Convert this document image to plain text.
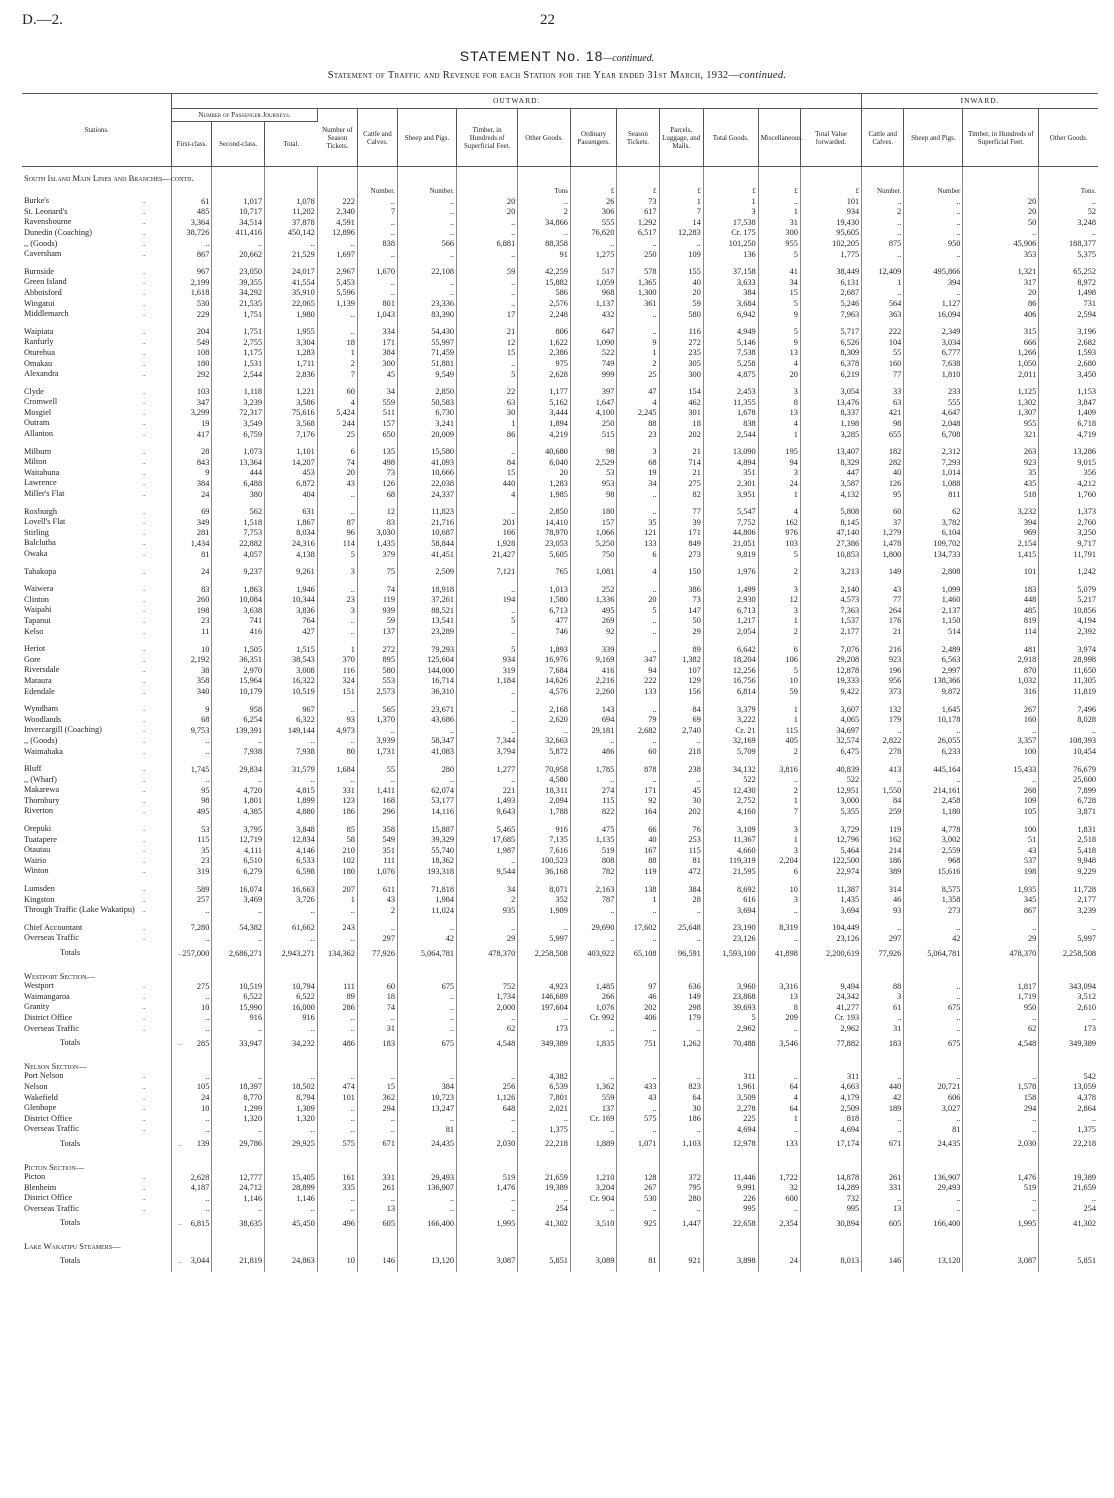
D.—2.	22
STATEMENT No. 18—continued.
Statement of Traffic and Revenue for each Station for the Year ended 31st March, 1932—continued.
Stations.	OUTWARD.														INWARD.			
	Number of Passenger Journeys.			Number of Season Tickets.	Cattle and Calves.	Sheep and Pigs.	Timber, in Hundreds of Superficial Feet.	Other Goods.	Ordinary Passengers.	Season Tickets.	Parcels, Luggage, and Mails.	Total Goods.	Miscellaneous.	Total Value forwarded.	Cattle and Calves.	Sheep and Pigs.	Timber, in Hundreds of Superficial Feet.	Other Goods.
	First-class.	Second-class.	Total.															
South Island Main Lines and Branches—contd.																		
					Number.	Number.		Tons	£	£	£	£	£	£	Number.	Number		Tons.
Burke's ..	61	1,017	1,078	222	..	..	20	..	26	73	1	1	..	101	..	..	20	..
St. Leonard's ..	485	10,717	11,202	2,340	7	..	20	2	306	617	7	3	1	934	2	..	20	52
Ravensbourne ..	3,364	34,514	37,878	4,591	..	..	..	34,866	555	1,292	14	17,538	31	19,430	..	..	50	3,248
Dunedin (Coaching) ..	38,726	411,416	450,142	12,896	..	..	..	..	76,620	6,517	12,283	Cr. 175	300	95,605	..	..	..	..
,, (Goods) ..	..	..	..	..	838	566	6,881	88,358	..	..	..	101,250	955	102,205	875	950	45,906	188,377
Caversham ..	867	20,662	21,529	1,697	..	..	..	91	1,275	250	109	136	5	1,775	..	..	353	5,375

Burnside ..	967	23,050	24,017	2,967	1,670	22,108	59	42,259	517	578	155	37,158	41	38,449	12,409	495,866	1,321	65,252
Green Island ..	2,199	39,355	41,554	5,453	..	..	..	15,882	1,059	1,365	40	3,633	34	6,131	1	394	317	8,972
Abbotsford ..	1,618	34,292	35,910	5,596	..	..	..	586	968	1,300	20	384	15	2,687	..	..	20	1,498
Wingatui ..	530	21,535	22,065	1,139	801	23,336	..	2,576	1,137	361	59	3,684	5	5,246	564	1,127	86	731
Middlemarch ..	229	1,751	1,980	..	1,043	83,390	17	2,248	432	..	580	6,942	9	7,963	363	16,094	406	2,594

Waipiata ..	204	1,751	1,955	..	334	54,430	21	806	647	..	116	4,949	5	5,717	222	2,349	315	3,196
Ranfurly ..	549	2,755	3,304	18	171	55,997	12	1,622	1,090	9	272	5,146	9	6,526	104	3,034	666	2,682
Oturehua ..	108	1,175	1,283	1	384	71,459	15	2,386	522	1	235	7,538	13	8,309	55	6,777	1,266	1,593
Omakau ..	180	1,531	1,711	2	300	51,881	..	975	749	2	305	5,258	4	6,378	160	7,638	1,050	2,680
Alexandra ..	292	2,544	2,836	7	45	9,549	5	2,628	999	25	300	4,875	20	6,219	77	1,810	2,011	3,450

Clyde ..	103	1,118	1,221	60	34	2,850	22	1,177	397	47	154	2,453	3	3,054	33	233	1,125	1,153
Cromwell ..	347	3,239	3,586	4	559	50,583	63	5,162	1,647	4	462	11,355	8	13,476	63	555	1,302	3,847
Mosgiel ..	3,299	72,317	75,616	5,424	511	6,730	30	3,444	4,100	2,245	301	1,678	13	8,337	421	4,647	1,307	1,409
Outram ..	19	3,549	3,568	244	157	3,241	1	1,894	250	88	18	838	4	1,198	98	2,048	955	6,718
Allanton ..	417	6,759	7,176	25	650	20,009	86	4,219	515	23	202	2,544	1	3,285	655	6,708	321	4,719

Milburn ..	28	1,073	1,101	6	135	15,580	..	40,680	98	3	21	13,090	195	13,407	182	2,312	263	13,286
Milton ..	843	13,364	14,207	74	498	41,093	84	6,040	2,529	68	714	4,894	94	8,329	282	7,293	923	9,015
Waitahuna ..	9	444	453	20	73	10,666	15	20	53	19	21	351	3	447	40	1,014	35	356
Lawrence ..	384	6,488	6,872	43	126	22,038	440	1,283	953	34	275	2,301	24	3,587	126	1,088	435	4,212
Miller's Flat ..	24	380	404	..	68	24,337	4	1,985	98	..	82	3,951	1	4,132	95	811	518	1,760

Roxburgh ..	69	562	631	..	12	11,823	..	2,850	180	..	77	5,547	4	5,808	60	62	3,232	1,373
Lovell's Flat ..	349	1,518	1,867	87	83	21,716	201	14,410	157	35	39	7,752	162	8,145	37	3,782	394	2,760
Stirling ..	281	7,753	8,034	96	3,030	10,687	166	78,970	1,066	121	171	44,806	976	47,140	1,279	6,104	969	3,250
Balclutha ..	1,434	22,882	24,316	114	1,435	58,844	1,928	23,053	5,250	133	849	21,051	103	27,386	1,478	109,702	2,154	9,717
Owaka ..	81	4,057	4,138	5	379	41,451	21,427	5,605	750	6	273	9,819	5	10,853	1,800	134,733	1,415	11,791

Tahakopa ..	24	9,237	9,261	3	75	2,509	7,121	765	1,081	4	150	1,976	2	3,213	149	2,808	101	1,242

Waiwera ..	83	1,863	1,946	..	74	18,918	..	1,013	252	..	386	1,499	3	2,140	43	1,099	183	5,079
Clinton ..	260	10,084	10,344	23	119	37,261	194	1,580	1,336	20	73	2,930	12	4,573	77	1,460	448	5,217
Waipahi ..	198	3,638	3,836	3	939	88,521	..	6,713	495	5	147	6,713	3	7,363	264	2,137	485	10,856
Tapanui ..	23	741	764	..	59	13,541	5	477	269	..	50	1,217	1	1,537	176	1,150	819	4,194
Kelso ..	11	416	427	..	137	23,289	..	746	92	..	29	2,054	2	2,177	21	514	114	2,392

Heriot ..	10	1,505	1,515	1	272	79,293	5	1,893	339	..	89	6,642	6	7,076	216	2,489	481	3,974
Gore ..	2,192	36,351	38,543	370	895	125,604	934	16,976	9,169	347	1,382	18,204	106	29,208	923	6,563	2,918	28,998
Riversdale ..	38	2,970	3,008	116	580	144,000	319	7,684	416	94	107	12,256	5	12,878	196	2,997	870	11,650
Mataura ..	358	15,964	16,322	324	553	16,714	1,184	14,626	2,216	222	129	16,756	10	19,333	956	138,366	1,032	11,305
Edendale ..	340	10,179	10,519	151	2,573	36,310	..	4,576	2,260	133	156	6,814	59	9,422	373	9,872	316	11,819

Wyndham ..	9	958	967	..	565	23,671	..	2,168	143	..	84	3,379	1	3,607	132	1,645	267	7,496
Woodlands ..	68	6,254	6,322	93	1,370	43,686	..	2,620	694	79	69	3,222	1	4,065	179	10,178	160	8,028
Invercargill (Coaching) ..	9,753	139,391	149,144	4,973	..	..	..	..	29,181	2,682	2,740	Cr. 21	115	34,697	..	..	..	..
,, (Goods) ..	..	..	..	..	3,939	58,347	7,344	32,663	..	..	..	32,169	405	32,574	2,822	26,055	3,357	108,393
Waimahaka ..	..	7,938	7,938	80	1,731	41,083	3,794	5,872	486	60	218	5,709	2	6,475	278	6,233	100	10,454

Bluff ..	1,745	29,834	31,579	1,684	55	280	1,277	70,958	1,785	878	238	34,132	3,816	40,839	413	445,164	15,433	76,679
,, (Wharf) ..	..	..	..	..	..	..	..	4,580	..	..	..	522	..	522	..	..	..	25,600
Makarewa ..	95	4,720	4,815	331	1,411	62,074	221	18,311	274	171	45	12,430	2	12,951	1,550	214,161	268	7,899
Thornbury ..	98	1,801	1,899	123	168	53,177	1,493	2,094	115	92	30	2,752	1	3,000	84	2,458	109	6,728
Riverton ..	495	4,385	4,880	186	296	14,116	9,643	1,788	822	164	202	4,160	7	5,355	259	1,180	105	3,871

Orepuki ..	53	3,795	3,848	85	358	15,887	5,465	916	475	66	76	3,109	3	3,729	119	4,778	100	1,831
Tuatapere ..	115	12,719	12,834	58	549	39,329	17,685	7,135	1,135	40	253	11,367	1	12,796	162	3,002	51	2,518
Otautau ..	35	4,111	4,146	210	351	55,740	1,987	7,616	519	167	115	4,660	3	5,464	214	2,559	43	5,418
Wairio ..	23	6,510	6,533	102	111	18,362	..	100,523	808	88	81	119,319	2,204	122,500	186	968	537	9,948
Winton ..	319	6,279	6,598	180	1,076	193,318	9,544	36,168	782	119	472	21,595	6	22,974	389	15,616	198	9,229

Lumsden ..	589	16,074	16,663	207	611	71,818	34	8,071	2,163	138	384	8,692	10	11,387	314	8,575	1,935	11,728
Kingston ..	257	3,469	3,726	1	43	1,984	2	352	787	1	28	616	3	1,435	46	1,358	345	2,177
Through Traffic (Lake Wakatipu) ..	..	..	..	..	2	11,024	935	1,989	..	..	..	3,694	..	3,694	93	273	867	3,239

Chief Accountant ..	7,280	54,382	61,662	243	..	..	..	..	29,690	17,602	25,648	23,190	8,319	104,449	..	..	..	..
Overseas Traffic ..	..	..	..	..	297	42	29	5,997	..	..	..	23,126	..	23,126	297	42	29	5,997
Totals ..	257,000	2,686,271	2,943,271	134,362	77,926	5,064,781	478,370	2,258,508	403,922	65,108	96,591	1,593,100	41,898	2,200,619	77,926	5,064,781	478,370	2,258,508
Westport Section—																		
Westport ..	275	10,519	10,794	111	60	675	752	4,923	1,485	97	636	3,960	3,316	9,494	88	..	1,817	343,094
Waimangaroa ..	..	6,522	6,522	89	18	..	1,734	146,689	266	46	149	23,868	13	24,342	3	..	1,719	3,512
Granity ..	10	15,990	16,000	286	74	..	2,000	197,604	1,076	202	298	39,693	8	41,277	61	675	950	2,610
District Office ..	..	916	916	..	..	..	..	..	Cr. 992	406	179	5	209	Cr. 193	..	..	..	..
Overseas Traffic ..	..	..	..	..	31	..	62	173	..	..	..	2,962	..	2,962	31	..	62	173
Totals ..	285	33,947	34,232	486	183	675	4,548	349,389	1,835	751	1,262	70,488	3,546	77,882	183	675	4,548	349,389
Nelson Section—																		
Port Nelson ..	..	..	..	..	..	..	..	4,382	..	..	..	311	..	311	..	..	..	542
Nelson ..	105	18,397	18,502	474	15	384	256	6,539	1,362	433	823	1,961	64	4,663	440	20,721	1,578	13,059
Wakefield ..	24	8,770	8,794	101	362	10,723	1,126	7,801	559	43	64	3,509	4	4,179	42	606	158	4,378
Glenhope ..	10	1,299	1,309	..	294	13,247	648	2,021	137	..	30	2,278	64	2,509	189	3,027	294	2,864
District Office ..	..	1,320	1,320	..	..	..	..	..	Cr. 169	575	186	225	1	818	..	..	..	..
Overseas Traffic ..	..	..	..	..	..	81	..	1,375	..	..	..	4,694	..	4,694	..	81	..	1,375
Totals ..	139	29,786	29,925	575	671	24,435	2,030	22,218	1,889	1,071	1,103	12,978	133	17,174	671	24,435	2,030	22,218
Picton Section—																		
Picton ..	2,628	12,777	15,405	161	331	29,493	519	21,659	1,210	128	372	11,446	1,722	14,878	261	136,907	1,476	19,389
Blenheim ..	4,187	24,712	28,899	335	261	136,907	1,476	19,389	3,204	267	795	9,991	32	14,289	331	29,493	519	21,659
District Office ..	..	1,146	1,146	..	..	..	..	..	Cr. 904	530	280	226	600	732	..	..	..	..
Overseas Traffic ..	..	..	..	..	13	..	..	254	..	..	..	995	..	995	13	..	..	254
Totals ..	6,815	38,635	45,450	496	605	166,400	1,995	41,302	3,510	925	1,447	22,658	2,354	30,894	605	166,400	1,995	41,302
Lake Wakatipu Steamers—																		
Totals ..	3,044	21,819	24,863	10	146	13,120	3,087	5,851	3,089	81	921	3,898	24	8,013	146	13,120	3,087	5,851
